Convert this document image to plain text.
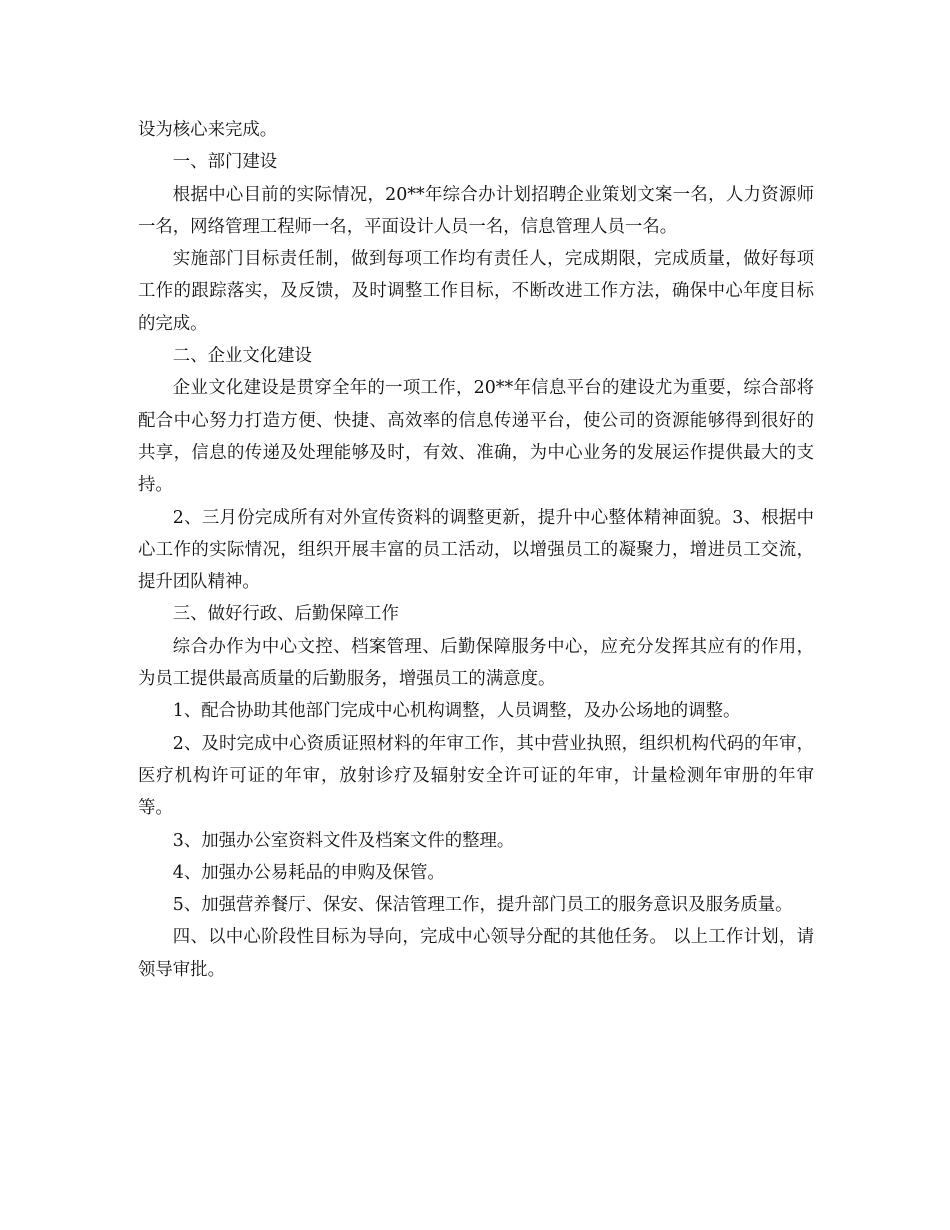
设为核心来完成。

一、部门建设

根据中心目前的实际情况，20**年综合办计划招聘企业策划文案一名，人力资源师一名，网络管理工程师一名，平面设计人员一名，信息管理人员一名。

实施部门目标责任制，做到每项工作均有责任人，完成期限，完成质量，做好每项工作的跟踪落实，及反馈，及时调整工作目标，不断改进工作方法，确保中心年度目标的完成。

二、企业文化建设

企业文化建设是贯穿全年的一项工作，20**年信息平台的建设尤为重要，综合部将配合中心努力打造方便、快捷、高效率的信息传递平台，使公司的资源能够得到很好的共享，信息的传递及处理能够及时，有效、准确，为中心业务的发展运作提供最大的支持。

2、三月份完成所有对外宣传资料的调整更新，提升中心整体精神面貌。3、根据中心工作的实际情况，组织开展丰富的员工活动，以增强员工的凝聚力，增进员工交流，提升团队精神。

三、做好行政、后勤保障工作

综合办作为中心文控、档案管理、后勤保障服务中心，应充分发挥其应有的作用，为员工提供最高质量的后勤服务，增强员工的满意度。

1、配合协助其他部门完成中心机构调整，人员调整，及办公场地的调整。

2、及时完成中心资质证照材料的年审工作，其中营业执照，组织机构代码的年审，医疗机构许可证的年审，放射诊疗及辐射安全许可证的年审，计量检测年审册的年审等。

3、加强办公室资料文件及档案文件的整理。

4、加强办公易耗品的申购及保管。

5、加强营养餐厅、保安、保洁管理工作，提升部门员工的服务意识及服务质量。

四、以中心阶段性目标为导向，完成中心领导分配的其他任务。 以上工作计划，请领导审批。
